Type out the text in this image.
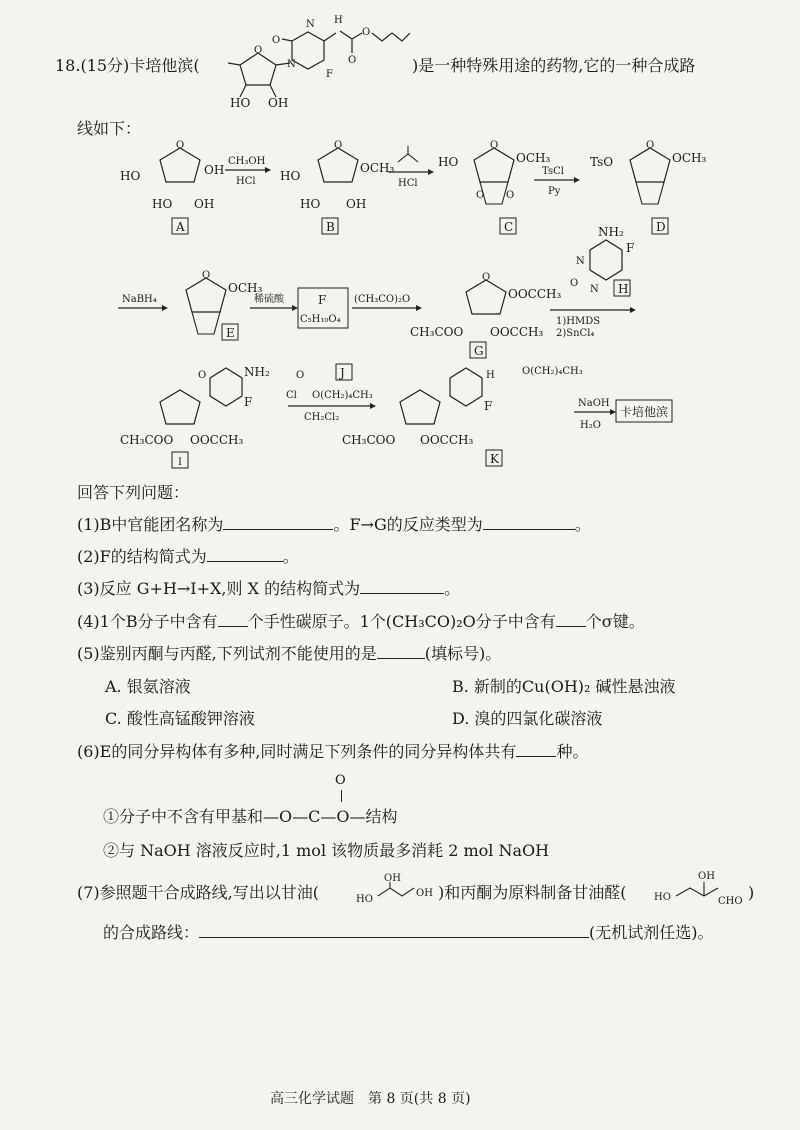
18.(15分)卡培他滨(	)是一种特殊用途的药物,它的一种合成路
O
HO OH
N
O
N
F
H
O
O
线如下：
O
HO	OH
HO OH
A
CH₃OH
HCl
O
HO
OCH₃
HO OH
B
HCl
O
HO	OCH₃
O O
C
TsCl
Py
O
TsO	OCH₃
D
NaBH₄
O
OCH₃
E
稀硫酸	F
C₅H₁₀O₄
(CH₃CO)₂O
O
OOCCH₃
CH₃COO OOCCH₃
G
NH₂
F
N
O
N H
1)HMDS
2)SnCl₄
NH₂
F
O
CH₃COO OOCCH₃
I
O
Cl O(CH₂)₄CH₃
J
CH₂Cl₂
H	O(CH₂)₄CH₃
F
CH₃COO OOCCH₃
K
NaOH
H₂O
卡培他滨
回答下列问题：
(1)B中官能团名称为	。F→G的反应类型为	。
(2)F的结构简式为	。
(3)反应 G+H→I+X,则 X 的结构简式为	。
(4)1个B分子中含有 个手性碳原子。1个(CH₃CO)₂O分子中含有 个σ键。
(5)鉴别丙酮与丙醛,下列试剂不能使用的是	(填标号)。
A. 银氨溶液	B. 新制的Cu(OH)₂ 碱性悬浊液
C. 酸性高锰酸钾溶液	D. 溴的四氯化碳溶液
(6)E的同分异构体有多种,同时满足下列条件的同分异构体共有	种。
O
①分子中不含有甲基和—O—C—O—结构
②与 NaOH 溶液反应时,1 mol 该物质最多消耗 2 mol NaOH
(7)参照题干合成路线,写出以甘油(
OH
HO
OH )和丙酮为原料制备甘油醛(
OH
HO	CHO )
的合成路线：	(无机试剂任选)。
高三化学试题　第 8 页(共 8 页)
